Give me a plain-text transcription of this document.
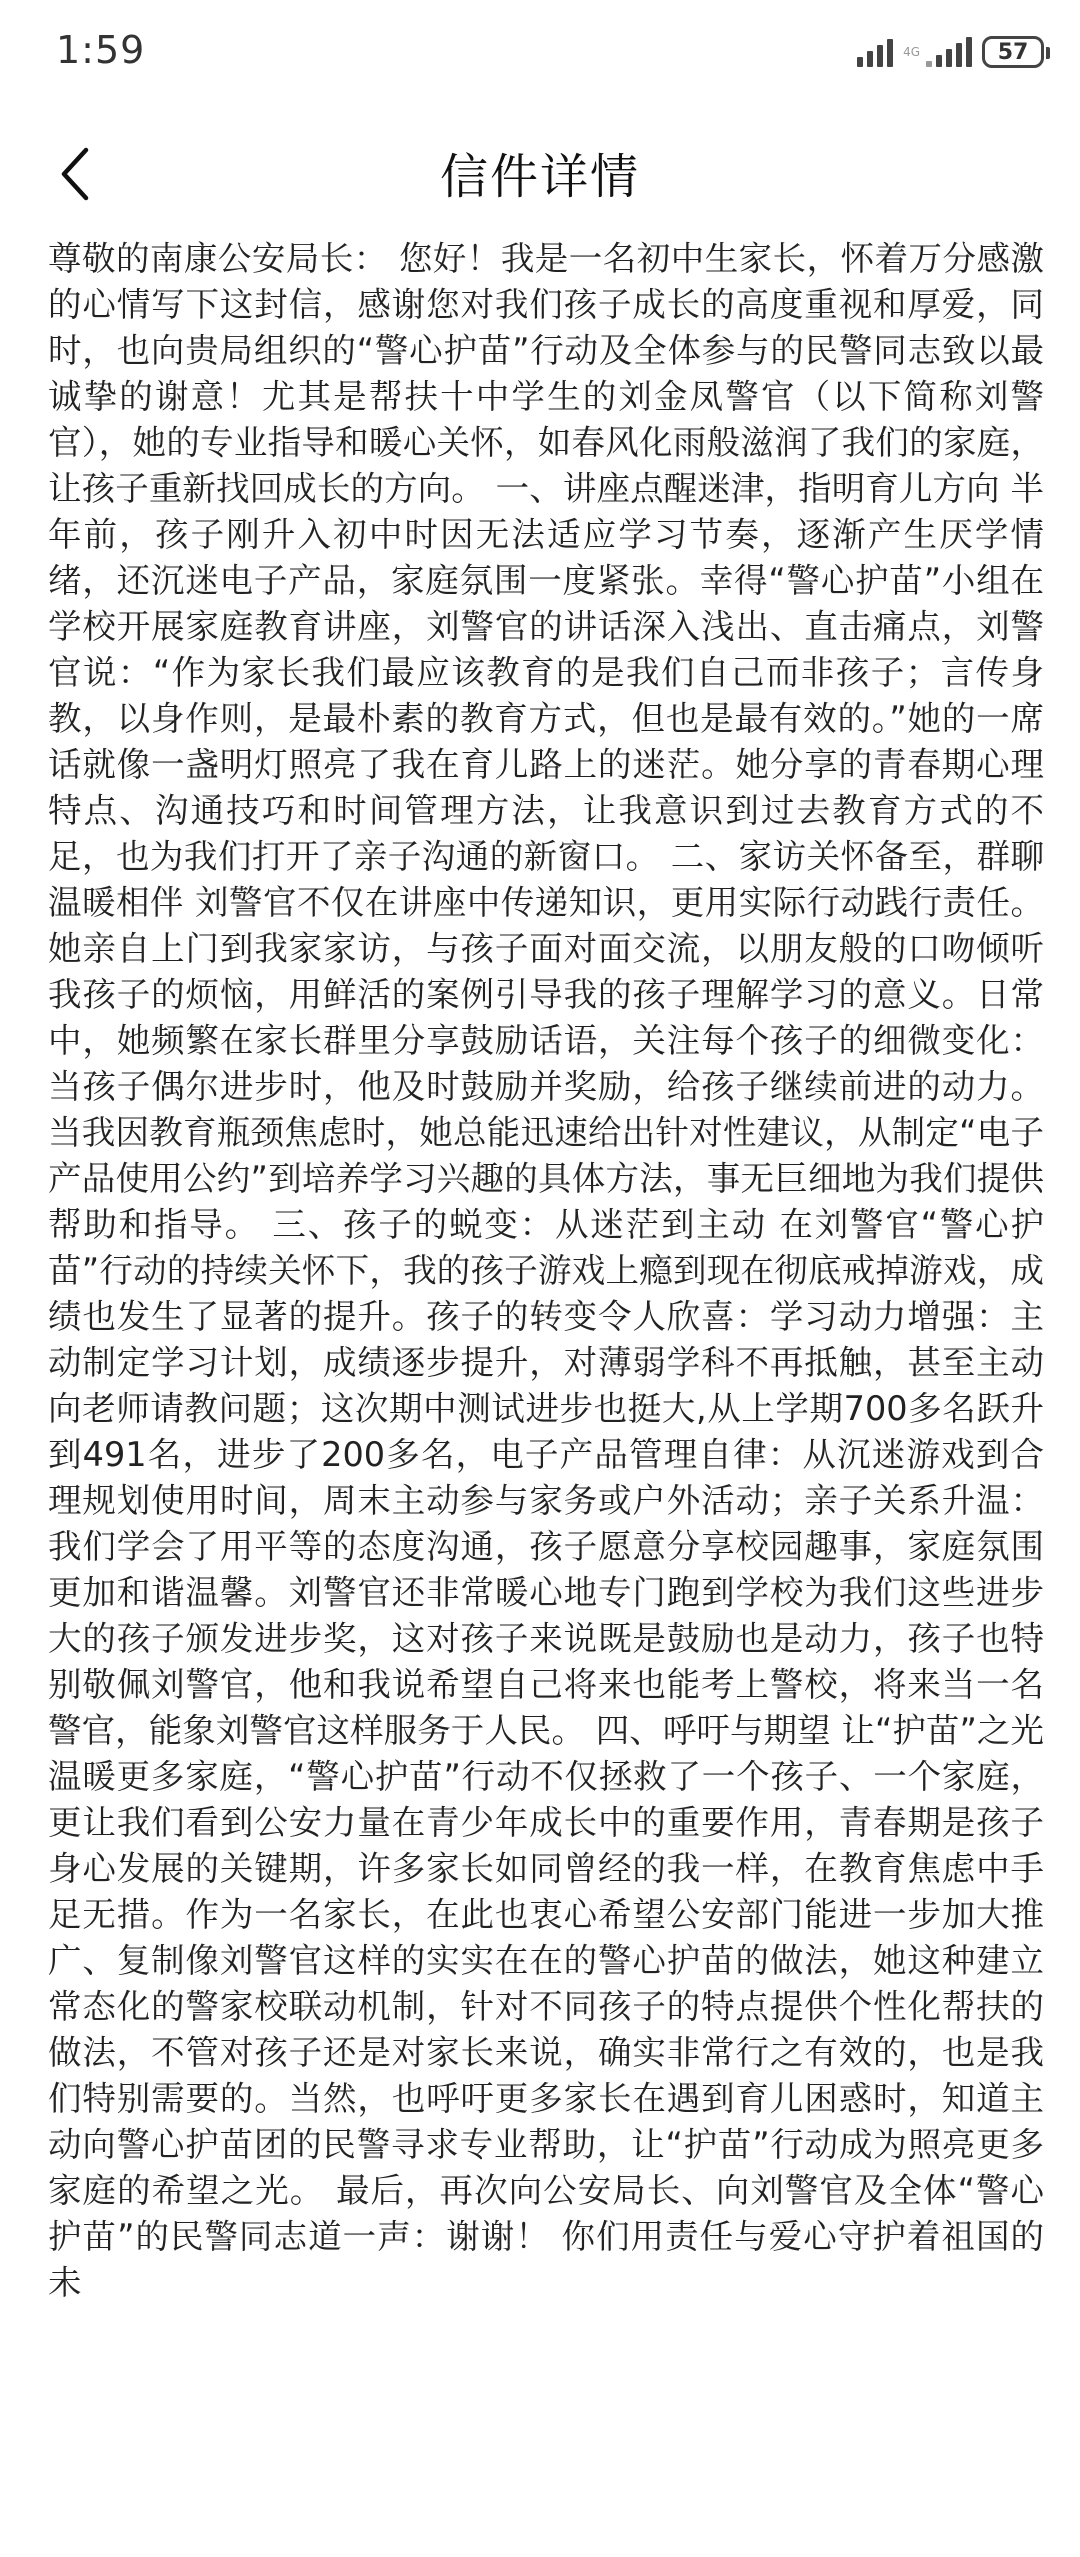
1:59	4G	57
信件详情
尊敬的南康公安局长： 您好！我是一名初中生家长，怀着万分感激的心情写下这封信，感谢您对我们孩子成长的高度重视和厚爱，同时，也向贵局组织的“警心护苗”行动及全体参与的民警同志致以最诚挚的谢意！尤其是帮扶十中学生的刘金凤警官（以下简称刘警官），她的专业指导和暖心关怀，如春风化雨般滋润了我们的家庭，让孩子重新找回成长的方向。 一、讲座点醒迷津，指明育儿方向 半年前，孩子刚升入初中时因无法适应学习节奏，逐渐产生厌学情绪，还沉迷电子产品，家庭氛围一度紧张。幸得“警心护苗”小组在学校开展家庭教育讲座，刘警官的讲话深入浅出、直击痛点，刘警官说：“作为家长我们最应该教育的是我们自己而非孩子；言传身教，以身作则，是最朴素的教育方式，但也是最有效的。”她的一席话就像一盏明灯照亮了我在育儿路上的迷茫。她分享的青春期心理特点、沟通技巧和时间管理方法，让我意识到过去教育方式的不足，也为我们打开了亲子沟通的新窗口。 二、家访关怀备至，群聊温暖相伴 刘警官不仅在讲座中传递知识，更用实际行动践行责任。她亲自上门到我家家访，与孩子面对面交流，以朋友般的口吻倾听我孩子的烦恼，用鲜活的案例引导我的孩子理解学习的意义。日常中，她频繁在家长群里分享鼓励话语，关注每个孩子的细微变化：当孩子偶尔进步时，他及时鼓励并奖励，给孩子继续前进的动力。当我因教育瓶颈焦虑时，她总能迅速给出针对性建议，从制定“电子产品使用公约”到培养学习兴趣的具体方法，事无巨细地为我们提供帮助和指导。 三、孩子的蜕变：从迷茫到主动 在刘警官“警心护苗”行动的持续关怀下，我的孩子游戏上瘾到现在彻底戒掉游戏，成绩也发生了显著的提升。孩子的转变令人欣喜：学习动力增强：主动制定学习计划，成绩逐步提升，对薄弱学科不再抵触，甚至主动向老师请教问题；这次期中测试进步也挺大,从上学期700多名跃升到491名，进步了200多名，电子产品管理自律：从沉迷游戏到合理规划使用时间，周末主动参与家务或户外活动；亲子关系升温：我们学会了用平等的态度沟通，孩子愿意分享校园趣事，家庭氛围更加和谐温馨。刘警官还非常暖心地专门跑到学校为我们这些进步大的孩子颁发进步奖，这对孩子来说既是鼓励也是动力，孩子也特别敬佩刘警官，他和我说希望自己将来也能考上警校，将来当一名警官，能象刘警官这样服务于人民。 四、呼吁与期望 让“护苗”之光温暖更多家庭，“警心护苗”行动不仅拯救了一个孩子、一个家庭，更让我们看到公安力量在青少年成长中的重要作用，青春期是孩子身心发展的关键期，许多家长如同曾经的我一样，在教育焦虑中手足无措。作为一名家长，在此也衷心希望公安部门能进一步加大推广、复制像刘警官这样的实实在在的警心护苗的做法，她这种建立常态化的警家校联动机制，针对不同孩子的特点提供个性化帮扶的做法，不管对孩子还是对家长来说，确实非常行之有效的，也是我们特别需要的。当然，也呼吁更多家长在遇到育儿困惑时，知道主动向警心护苗团的民警寻求专业帮助，让“护苗”行动成为照亮更多家庭的希望之光。 最后，再次向公安局长、向刘警官及全体“警心护苗”的民警同志道一声：谢谢！ 你们用责任与爱心守护着祖国的未
